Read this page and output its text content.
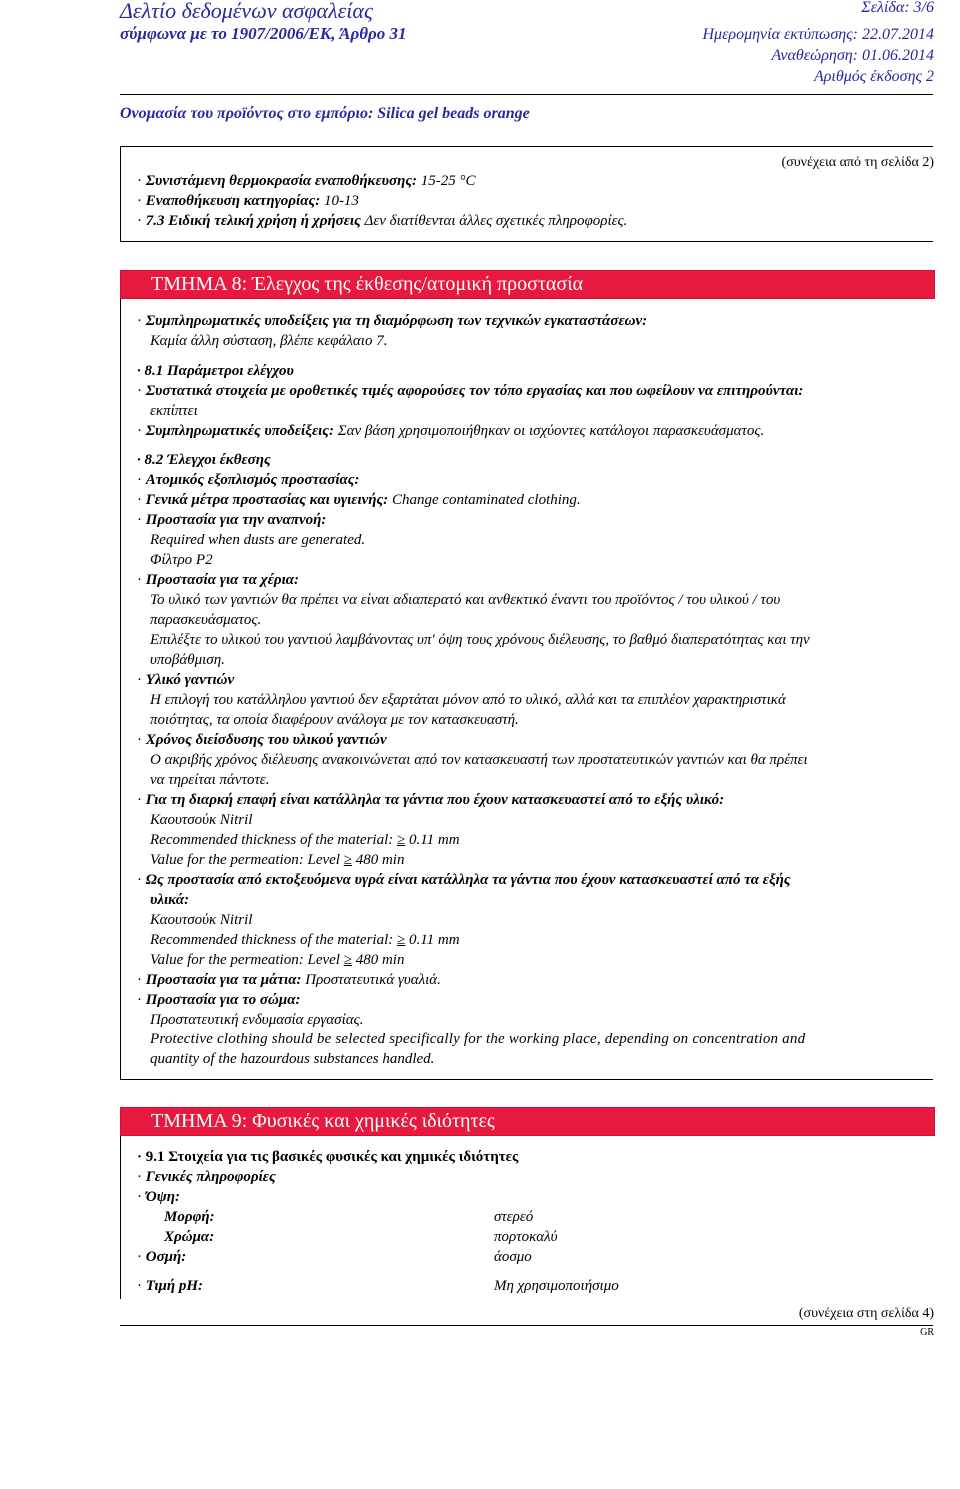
Δελτίο δεδομένων ασφαλείας
σύμφωνα με το 1907/2006/ΕΚ, Άρθρο 31
Σελίδα: 3/6
Ημερομηνία εκτύπωσης: 22.07.2014
Αναθεώρηση: 01.06.2014
Αριθμός έκδοσης 2
Ονομασία του προϊόντος στο εμπόριο: Silica gel beads orange
(συνέχεια από τη σελίδα 2)
· Συνιστάμενη θερμοκρασία εναποθήκευσης: 15-25 °C
· Εναποθήκευση κατηγορίας: 10-13
· 7.3 Ειδική τελική χρήση ή χρήσεις Δεν διατίθενται άλλες σχετικές πληροφορίες.
ΤΜΗΜΑ 8: Έλεγχος της έκθεσης/ατομική προστασία
· Συμπληρωματικές υποδείξεις για τη διαμόρφωση των τεχνικών εγκαταστάσεων:
Καμία άλλη σύσταση, βλέπε κεφάλαιο 7.
· 8.1 Παράμετροι ελέγχου
· Συστατικά στοιχεία με οροθετικές τιμές αφορούσες τον τόπο εργασίας και που ωφείλουν να επιτηρούνται:
εκπίπτει
· Συμπληρωματικές υποδείξεις: Σαν βάση χρησιμοποιήθηκαν οι ισχύοντες κατάλογοι παρασκευάσματος.
· 8.2 Έλεγχοι έκθεσης
· Ατομικός εξοπλισμός προστασίας:
· Γενικά μέτρα προστασίας και υγιεινής: Change contaminated clothing.
· Προστασία για την αναπνοή:
Required when dusts are generated.
Φίλτρο P2
· Προστασία για τα χέρια:
Το υλικό των γαντιών θα πρέπει να είναι αδιαπερατό και ανθεκτικό έναντι του προϊόντος / του υλικού / του
παρασκευάσματος.
Επιλέξτε το υλικού του γαντιού λαμβάνοντας υπ' όψη τους χρόνους διέλευσης, το βαθμό διαπερατότητας και την
υποβάθμιση.
· Υλικό γαντιών
Η επιλογή του κατάλληλου γαντιού δεν εξαρτάται μόνον από το υλικό, αλλά και τα επιπλέον χαρακτηριστικά
ποιότητας, τα οποία διαφέρουν ανάλογα με τον κατασκευαστή.
· Χρόνος διείσδυσης του υλικού γαντιών
Ο ακριβής χρόνος διέλευσης ανακοινώνεται από τον κατασκευαστή των προστατευτικών γαντιών και θα πρέπει
να τηρείται πάντοτε.
· Για τη διαρκή επαφή είναι κατάλληλα τα γάντια που έχουν κατασκευαστεί από το εξής υλικό:
Καουτσούκ Nitril
Recommended thickness of the material: ≥ 0.11 mm
Value for the permeation: Level ≥ 480 min
· Ως προστασία από εκτοξευόμενα υγρά είναι κατάλληλα τα γάντια που έχουν κατασκευαστεί από τα εξής
υλικά:
Καουτσούκ Nitril
Recommended thickness of the material: ≥ 0.11 mm
Value for the permeation: Level ≥ 480 min
· Προστασία για τα μάτια: Προστατευτικά γυαλιά.
· Προστασία για το σώμα:
Προστατευτική ενδυμασία εργασίας.
Protective clothing should be selected specifically for the working place, depending on concentration and
quantity of the hazourdous substances handled.
ΤΜΗΜΑ 9: Φυσικές και χημικές ιδιότητες
· 9.1 Στοιχεία για τις βασικές φυσικές και χημικές ιδιότητες
· Γενικές πληροφορίες
· Όψη:
Μορφή:	στερεό
Χρώμα:	πορτοκαλύ
· Οσμή:	άοσμο
· Τιμή pH:	Μη χρησιμοποιήσιμο
(συνέχεια στη σελίδα 4)
GR
